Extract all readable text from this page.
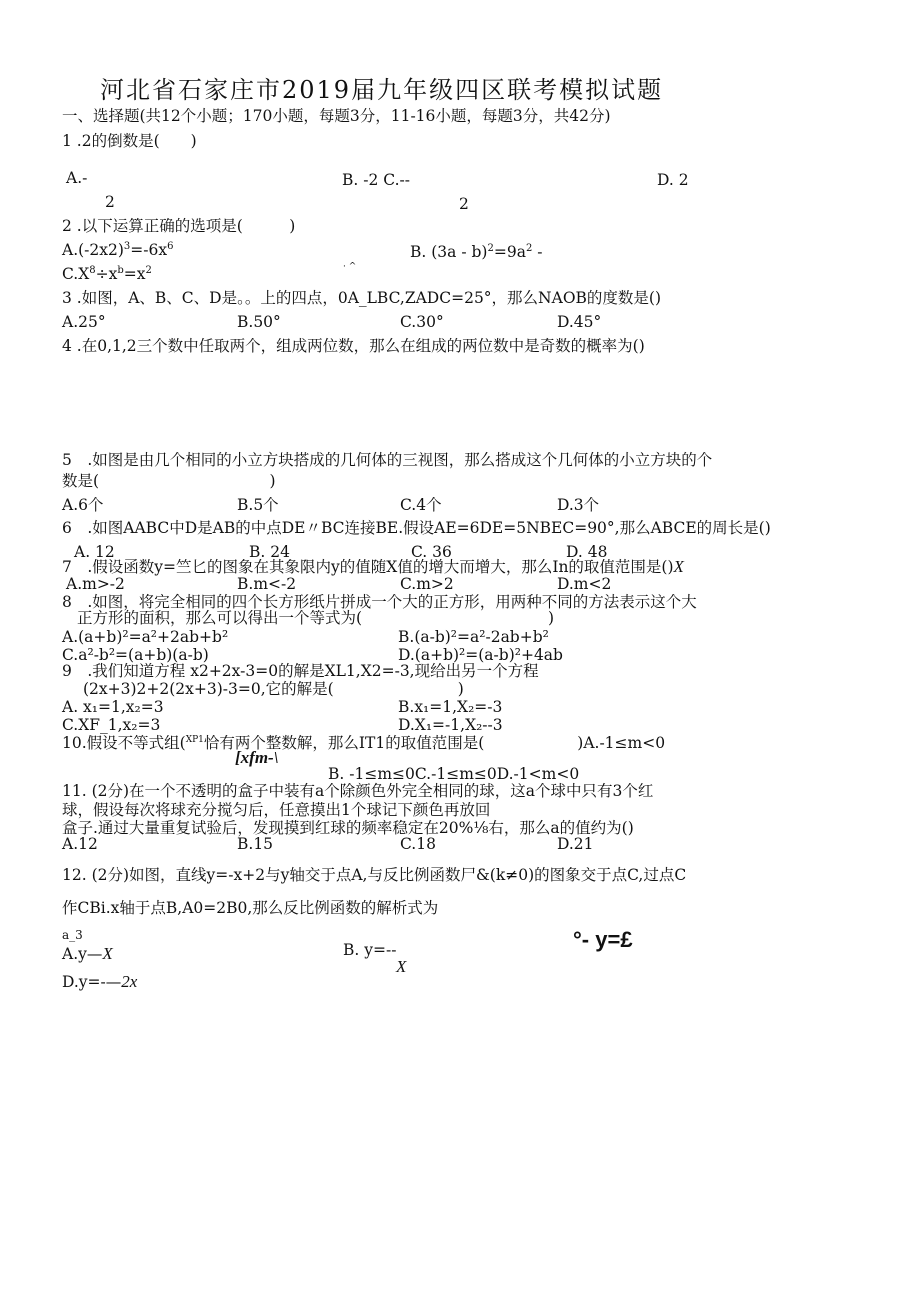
河北省石家庄市2019届九年级四区联考模拟试题
一、选择题(共12个小题；170小题，每题3分，11-16小题，每题3分，共42分)
1 .2的倒数是(　　)
A.-
2
B. -2 C.--
2
D. 2
2 .以下运算正确的选项是(　　　)
$A.(-2x2)^3=-6x^6$	B. $(3a - b)^2=9a^2$ -
$C.X^8\div x^b=x^2$	· ^
3 .如图，A、B、C、D是。。上的四点，0A_LBC,ZADC=25°，那么NAOB的度数是()
A.25°	B.50°	C.30°	D.45°
4 .在0,1,2三个数中任取两个，组成两位数，那么在组成的两位数中是奇数的概率为()
5　.如图是由几个相同的小立方块搭成的几何体的三视图，那么搭成这个几何体的小立方块的个
数是(　　　　　　　　　　　)
A.6个	B.5个	C.4个	D.3个
6　.如图AABC中D是AB的中点DE〃BC连接BE.假设AE=6DE=5NBEC=90°,那么ABCE的周长是()
A. 12	B. 24	C. 36	D. 48
7　.假设函数y=竺匕的图象在其象限内y的值随X值的增大而增大，那么In的取值范围是()X
A.m>-2	B.m<-2	C.m>2	D.m<2
8　.如图，将完全相同的四个长方形纸片拼成一个大的正方形，用两种不同的方法表示这个大
正方形的面积，那么可以得出一个等式为(　　　　　　　　　　　　)
A.(a+b)²=a²+2ab+b²	B.(a-b)²=a²-2ab+b²
C.a²-b²=(a+b)(a-b)	D.(a+b)²=(a-b)²+4ab
9　.我们知道方程 x2+2x-3=0的解是XL1,X2=-3,现给出另一个方程
(2x+3)2+2(2x+3)-3=0,它的解是(　　　　　　　　)
A. x₁=1,x₂=3	B.x₁=1,X₂=-3
C.XF_1,x₂=3	D.X₁=-1,X₂--3
10.假设不等式组($^{XP1}$恰有两个整数解，那么IT1的取值范围是(　　　　　　)A.-1≤m<0
[xfm-\
B. -1≤m≤0C.-1≤m≤0D.-1<m<0
11. (2分)在一个不透明的盒子中装有a个除颜色外完全相同的球，这a个球中只有3个红
球，假设每次将球充分搅匀后，任意摸出1个球记下颜色再放回
盒子.通过大量重复试验后，发现摸到红球的频率稳定在20%⅛右，那么a的值约为()
A.12	B.15	C.18	D.21
12. (2分)如图，直线y=-x+2与y轴交于点A,与反比例函数尸&(k≠0)的图象交于点C,过点C
作CBi.x轴于点B,A0=2B0,那么反比例函数的解析式为
a_3
A.y—X	B. y=--
X
°- y=£
D.y=-—2x
